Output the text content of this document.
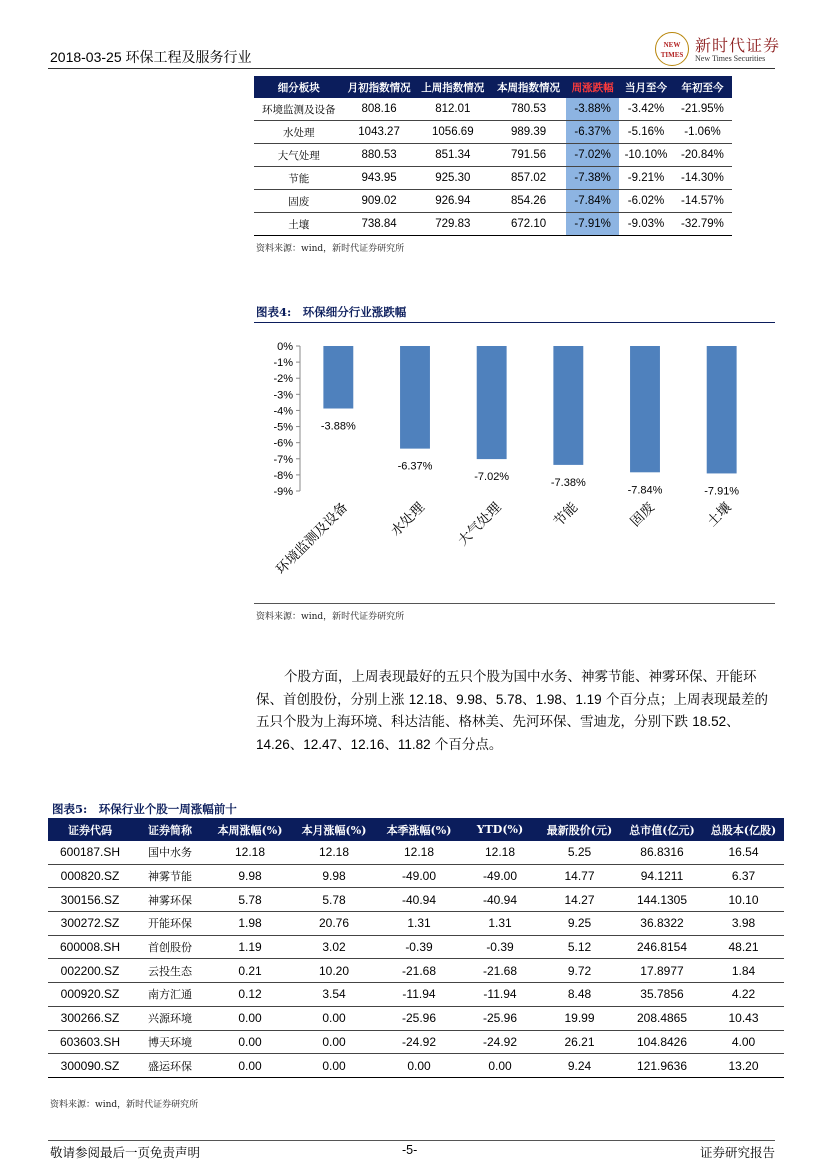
2018-03-25 环保工程及服务行业
NEW
TIMES 新时代证券
New Times Securities
细分板块	月初指数情况	上周指数情况	本周指数情况	周涨跌幅	当月至今	年初至今
环境监测及设备	808.16	812.01	780.53	-3.88%	-3.42%	-21.95%
水处理	1043.27	1056.69	989.39	-6.37%	-5.16%	-1.06%
大气处理	880.53	851.34	791.56	-7.02%	-10.10%	-20.84%
节能	943.95	925.30	857.02	-7.38%	-9.21%	-14.30%
固废	909.02	926.94	854.26	-7.84%	-6.02%	-14.57%
土壤	738.84	729.83	672.10	-7.91%	-9.03%	-32.79%
资料来源：wind，新时代证券研究所
图表4:　环保细分行业涨跌幅
0%
-1%
-2%
-3%
-4%
-5%
-6%
-7%
-8%
-9%
-3.88%
环境监测及设备
-6.37%
水处理
-7.02%
大气处理
-7.38%
节能
-7.84%
固废
-7.91%
土壤
资料来源：wind，新时代证券研究所
个股方面，上周表现最好的五只个股为国中水务、神雾节能、神雾环保、开能环保、首创股份，分别上涨 12.18、9.98、5.78、1.98、1.19 个百分点；上周表现最差的五只个股为上海环境、科达洁能、格林美、先河环保、雪迪龙，分别下跌 18.52、14.26、12.47、12.16、11.82 个百分点。
图表5:　环保行业个股一周涨幅前十
证券代码	证券简称	本周涨幅(%)	本月涨幅(%)	本季涨幅(%)	YTD(%)	最新股价(元)	总市值(亿元)	总股本(亿股)
600187.SH	国中水务	12.18	12.18	12.18	12.18	5.25	86.8316	16.54
000820.SZ	神雾节能	9.98	9.98	-49.00	-49.00	14.77	94.1211	6.37
300156.SZ	神雾环保	5.78	5.78	-40.94	-40.94	14.27	144.1305	10.10
300272.SZ	开能环保	1.98	20.76	1.31	1.31	9.25	36.8322	3.98
600008.SH	首创股份	1.19	3.02	-0.39	-0.39	5.12	246.8154	48.21
002200.SZ	云投生态	0.21	10.20	-21.68	-21.68	9.72	17.8977	1.84
000920.SZ	南方汇通	0.12	3.54	-11.94	-11.94	8.48	35.7856	4.22
300266.SZ	兴源环境	0.00	0.00	-25.96	-25.96	19.99	208.4865	10.43
603603.SH	博天环境	0.00	0.00	-24.92	-24.92	26.21	104.8426	4.00
300090.SZ	盛运环保	0.00	0.00	0.00	0.00	9.24	121.9636	13.20
资料来源：wind，新时代证券研究所
敬请参阅最后一页免责声明	-5-	证券研究报告
